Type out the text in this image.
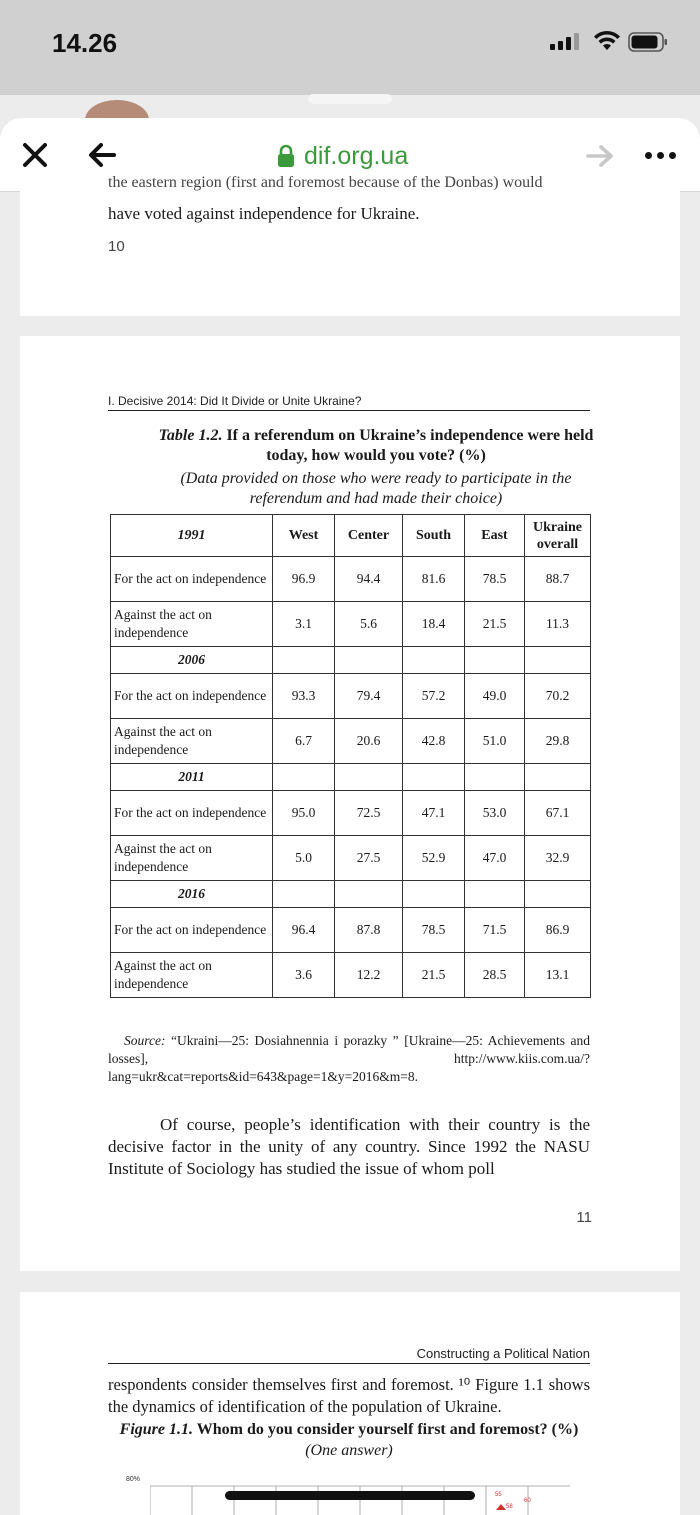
14.26
dif.org.ua
the eastern region (first and foremost because of the Donbas) would
have voted against independence for Ukraine.
10
I. Decisive 2014: Did It Divide or Unite Ukraine?
Table 1.2. If a referendum on Ukraine’s independence were held today, how would you vote? (%)
(Data provided on those who were ready to participate in the referendum and had made their choice)
1991	West	Center	South	East	Ukraine overall
For the act on independence	96.9	94.4	81.6	78.5	88.7
Against the act on independence	3.1	5.6	18.4	21.5	11.3
2006					
For the act on independence	93.3	79.4	57.2	49.0	70.2
Against the act on independence	6.7	20.6	42.8	51.0	29.8
2011					
For the act on independence	95.0	72.5	47.1	53.0	67.1
Against the act on independence	5.0	27.5	52.9	47.0	32.9
2016					
For the act on independence	96.4	87.8	78.5	71.5	86.9
Against the act on independence	3.6	12.2	21.5	28.5	13.1
Source: “Ukraini—25: Dosiahnennia i porazky ” [Ukraine—25: Achievements and losses], http://www.kiis.com.ua/?lang=ukr&cat=reports&id=643&page=1&y=2016&m=8.
Of course, people’s identification with their country is the decisive factor in the unity of any country. Since 1992 the NASU Institute of Sociology has studied the issue of whom poll
11
Constructing a Political Nation
respondents consider themselves first and foremost. ¹⁰ Figure 1.1 shows the dynamics of identification of the population of Ukraine.
Figure 1.1. Whom do you consider yourself first and foremost? (%)
(One answer)
80%
55
58
60
